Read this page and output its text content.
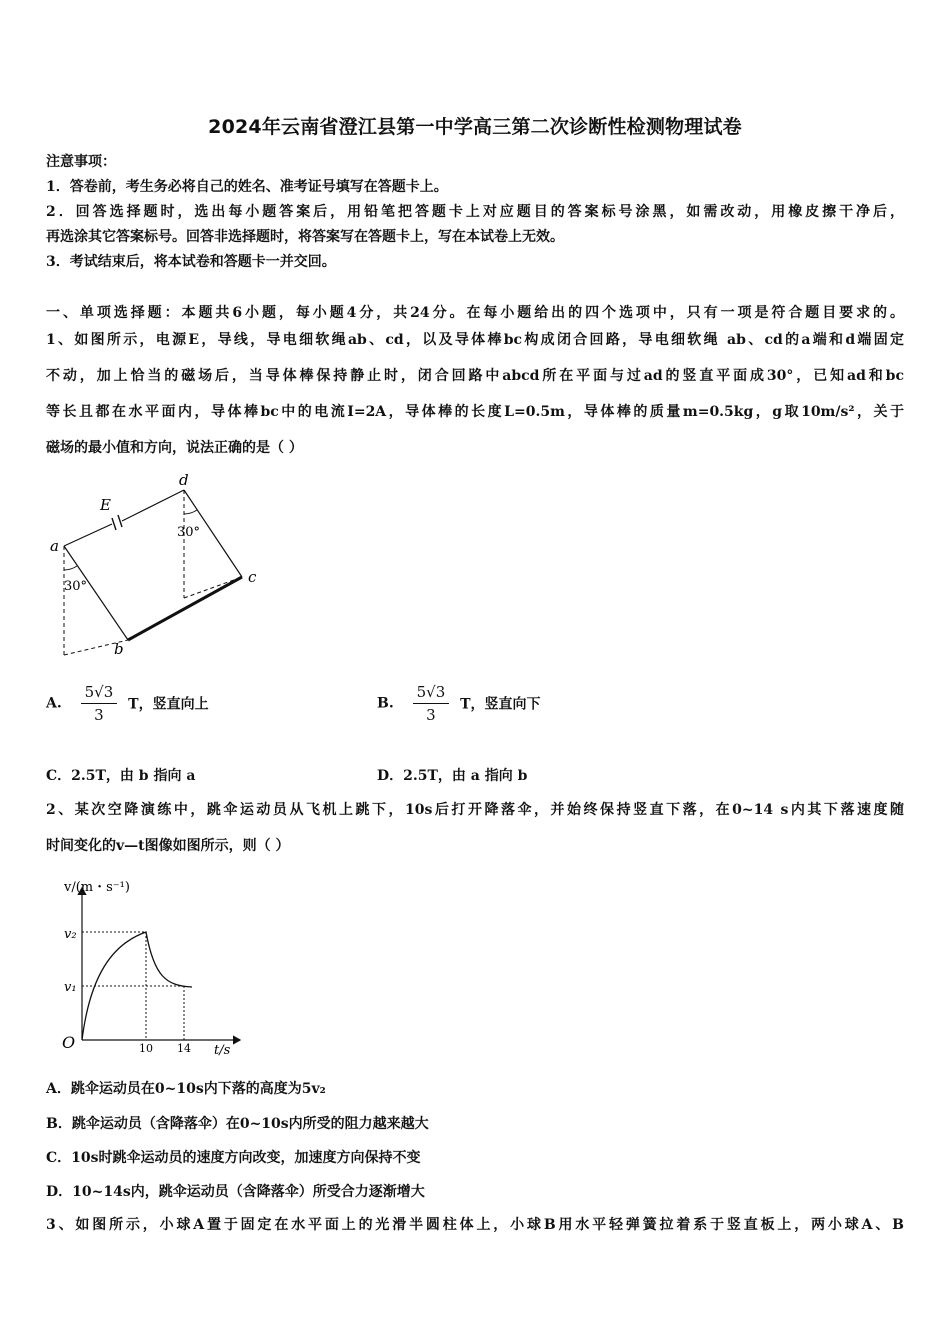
2024年云南省澄江县第一中学高三第二次诊断性检测物理试卷
注意事项：
1．答卷前，考生务必将自己的姓名、准考证号填写在答题卡上。
2．回答选择题时，选出每小题答案后，用铅笔把答题卡上对应题目的答案标号涂黑，如需改动，用橡皮擦干净后，
再选涂其它答案标号。回答非选择题时，将答案写在答题卡上，写在本试卷上无效。
3．考试结束后，将本试卷和答题卡一并交回。
一、单项选择题：本题共6小题，每小题4分，共24分。在每小题给出的四个选项中，只有一项是符合题目要求的。
1、如图所示，电源E，导线，导电细软绳ab、cd，以及导体棒bc构成闭合回路，导电细软绳 ab、cd的a端和d端固定
不动，加上恰当的磁场后，当导体棒保持静止时，闭合回路中abcd所在平面与过ad的竖直平面成30°，已知ad和bc
等长且都在水平面内，导体棒bc中的电流I=2A，导体棒的长度L=0.5m，导体棒的质量m=0.5kg，g取10m/s²，关于
磁场的最小值和方向，说法正确的是（ ）
a
b
c
d
E
30°
30°
A. $\frac{5√3}{3}$ T，竖直向上	B. $\frac{5√3}{3}$ T，竖直向下
C．2.5T，由 b 指向 a	D．2.5T，由 a 指向 b
2、某次空降演练中，跳伞运动员从飞机上跳下，10s后打开降落伞，并始终保持竖直下落，在0~14 s内其下落速度随
时间变化的v—t图像如图所示，则（ ）
v/(m・s⁻¹)
t/s
O
v₂
v₁
10 14
A．跳伞运动员在0~10s内下落的高度为5v₂
B．跳伞运动员（含降落伞）在0~10s内所受的阻力越来越大
C．10s时跳伞运动员的速度方向改变，加速度方向保持不变
D．10~14s内，跳伞运动员（含降落伞）所受合力逐渐增大
3、如图所示，小球A置于固定在水平面上的光滑半圆柱体上，小球B用水平轻弹簧拉着系于竖直板上，两小球A、B
